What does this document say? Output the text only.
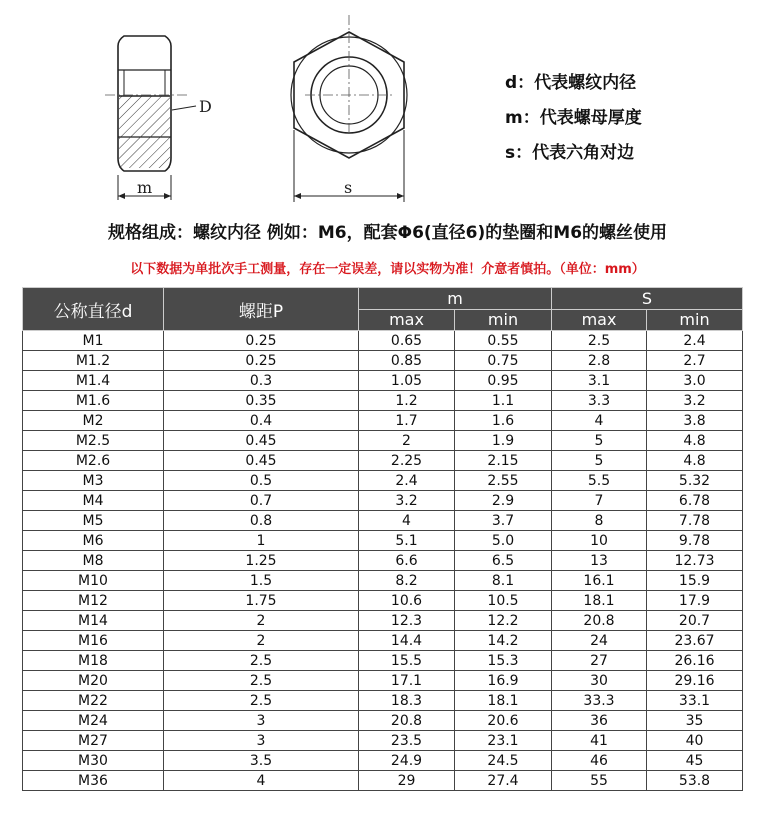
D
m	s
d：代表螺纹内径
m：代表螺母厚度
s：代表六角对边
规格组成：螺纹内径 例如：M6，配套Φ6(直径6)的垫圈和M6的螺丝使用
以下数据为单批次手工测量，存在一定误差，请以实物为准！介意者慎拍。（单位：mm）
公称直径d	螺距P	m		S	
		max	min	max	min
M1	0.25	0.65	0.55	2.5	2.4
M1.2	0.25	0.85	0.75	2.8	2.7
M1.4	0.3	1.05	0.95	3.1	3.0
M1.6	0.35	1.2	1.1	3.3	3.2
M2	0.4	1.7	1.6	4	3.8
M2.5	0.45	2	1.9	5	4.8
M2.6	0.45	2.25	2.15	5	4.8
M3	0.5	2.4	2.55	5.5	5.32
M4	0.7	3.2	2.9	7	6.78
M5	0.8	4	3.7	8	7.78
M6	1	5.1	5.0	10	9.78
M8	1.25	6.6	6.5	13	12.73
M10	1.5	8.2	8.1	16.1	15.9
M12	1.75	10.6	10.5	18.1	17.9
M14	2	12.3	12.2	20.8	20.7
M16	2	14.4	14.2	24	23.67
M18	2.5	15.5	15.3	27	26.16
M20	2.5	17.1	16.9	30	29.16
M22	2.5	18.3	18.1	33.3	33.1
M24	3	20.8	20.6	36	35
M27	3	23.5	23.1	41	40
M30	3.5	24.9	24.5	46	45
M36	4	29	27.4	55	53.8
